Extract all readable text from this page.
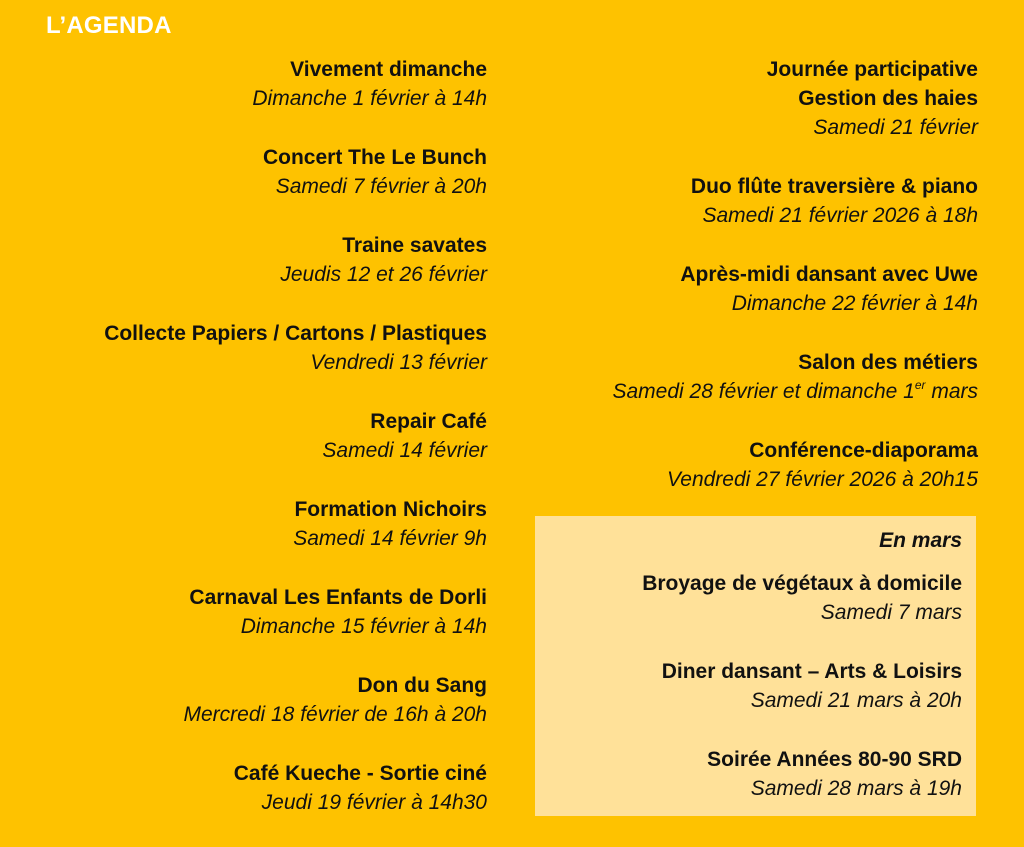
L’AGENDA
Vivement dimanche
Dimanche 1 février à 14h
Concert The Le Bunch
Samedi 7 février à 20h
Traine savates
Jeudis 12 et 26 février
Collecte Papiers / Cartons / Plastiques
Vendredi 13 février
Repair Café
Samedi 14 février
Formation Nichoirs
Samedi 14 février 9h
Carnaval Les Enfants de Dorli
Dimanche 15 février à 14h
Don du Sang
Mercredi 18 février de 16h à 20h
Café Kueche - Sortie ciné
Jeudi 19 février à 14h30
Journée participative
Gestion des haies
Samedi 21 février
Duo flûte traversière & piano
Samedi 21 février 2026 à 18h
Après-midi dansant avec Uwe
Dimanche 22 février à 14h
Salon des métiers
Samedi 28 février et dimanche 1er mars
Conférence-diaporama
Vendredi 27 février 2026 à 20h15
En mars
Broyage de végétaux à domicile
Samedi 7 mars
Diner dansant – Arts & Loisirs
Samedi 21 mars à 20h
Soirée Années 80-90 SRD
Samedi 28 mars à 19h
